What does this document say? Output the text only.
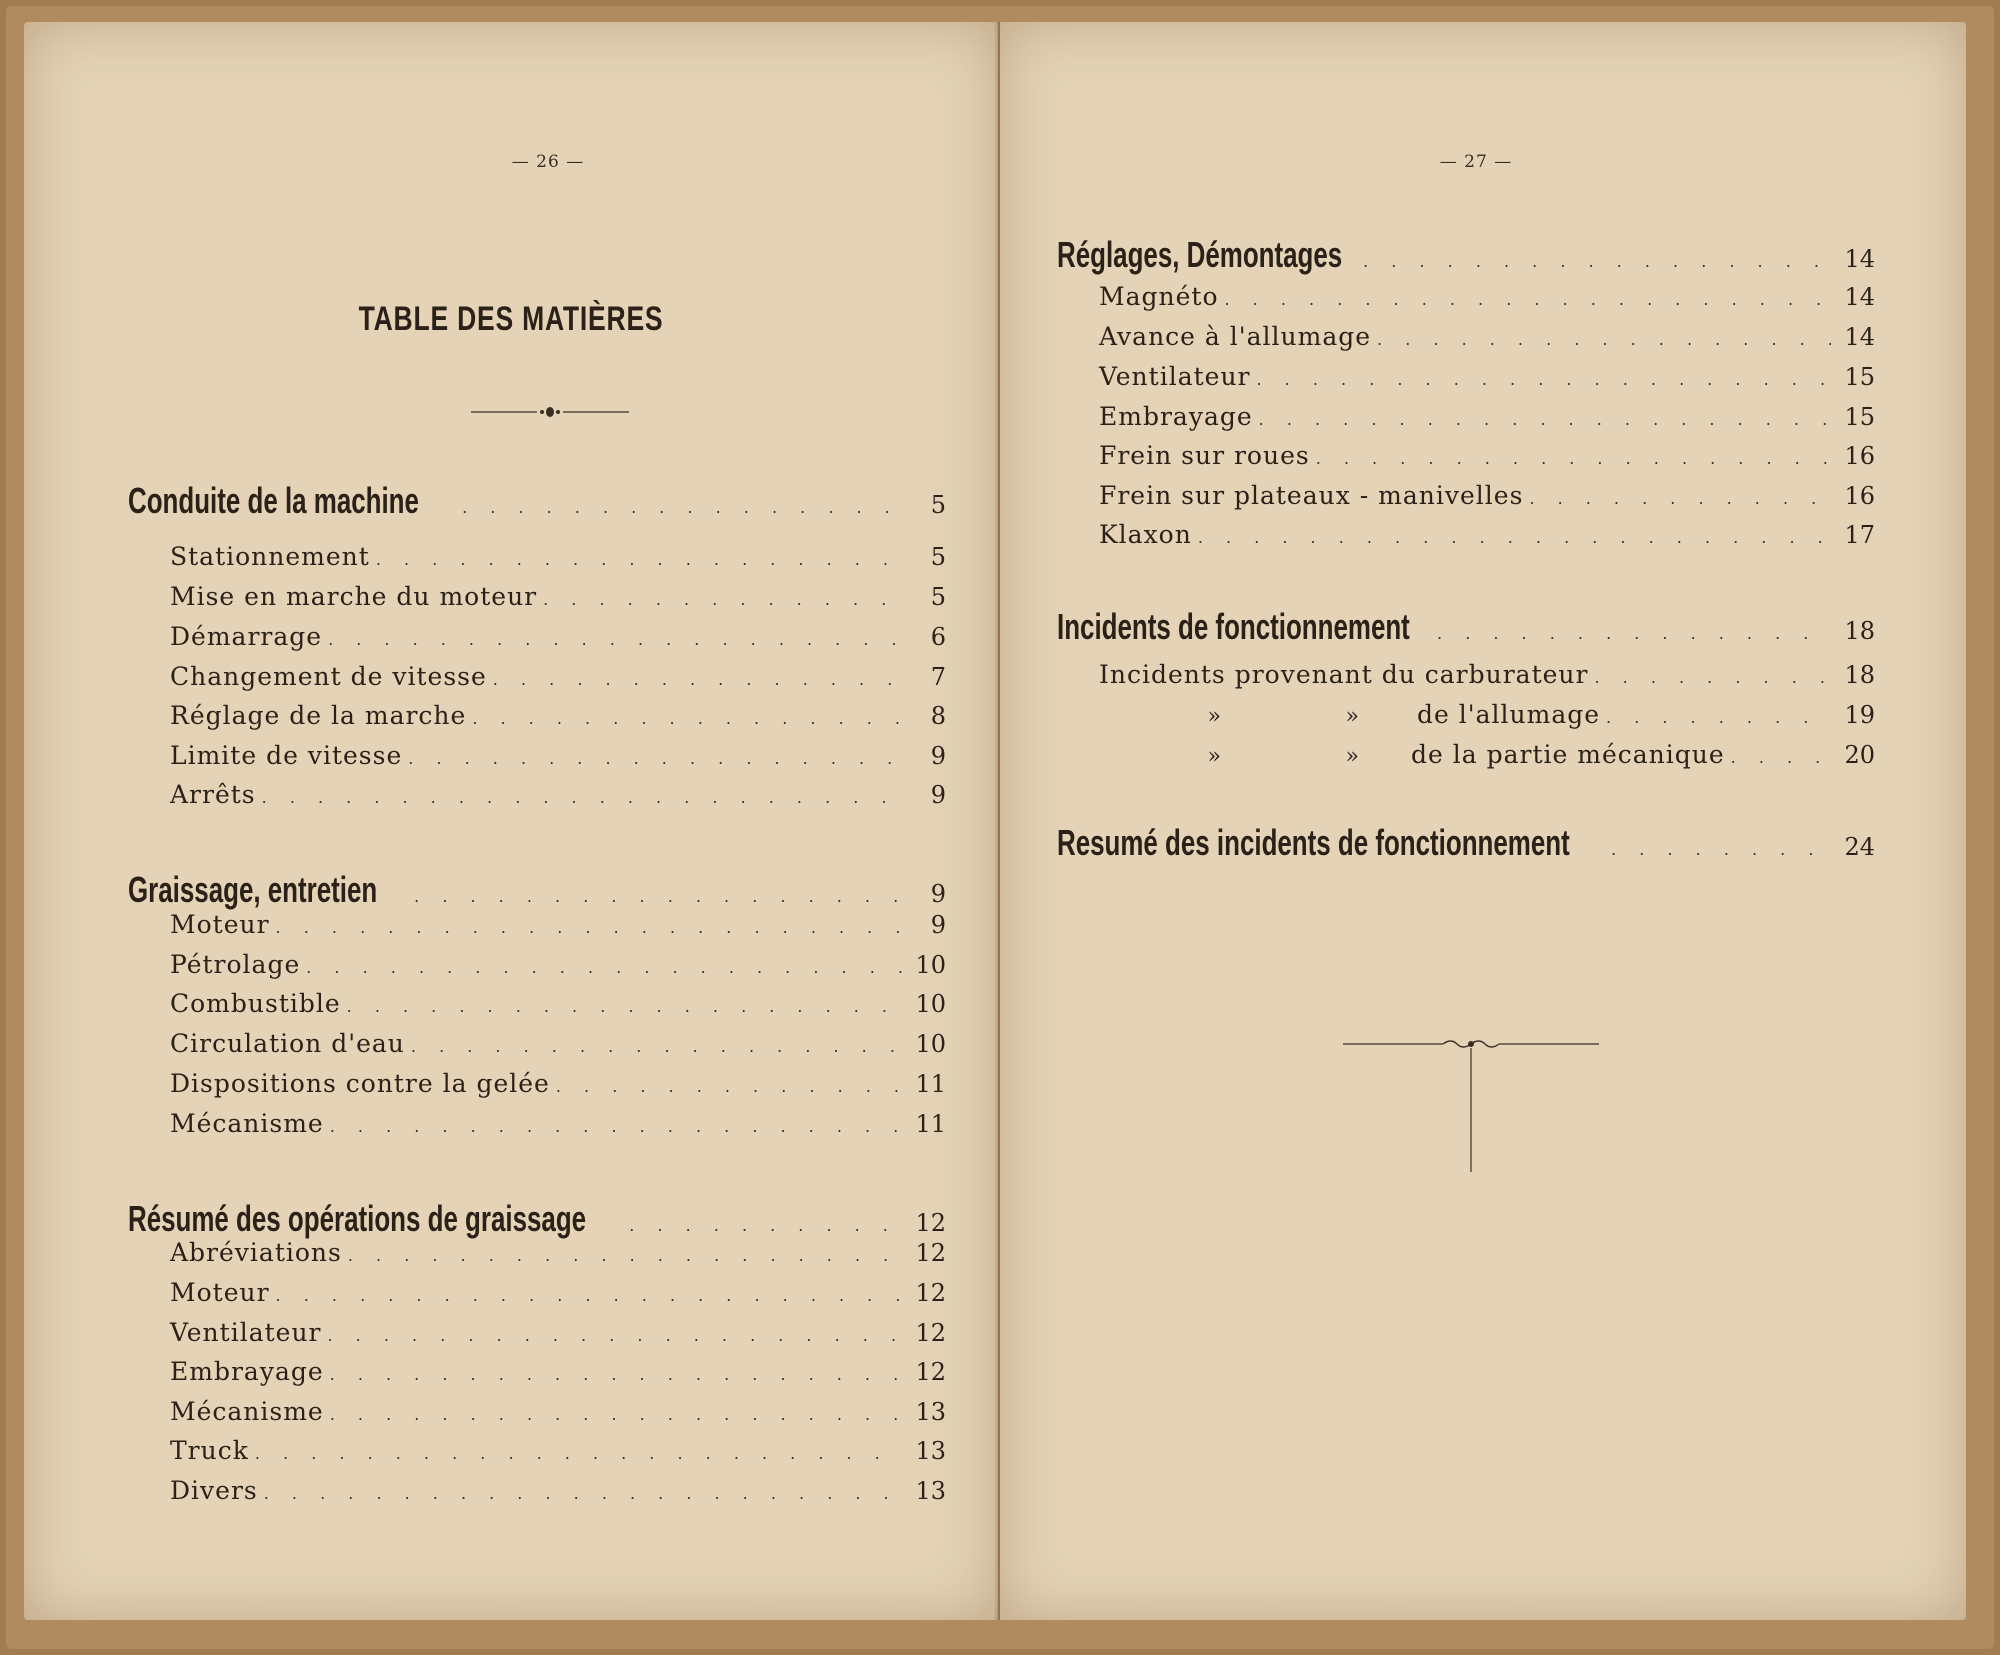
— 26 —
TABLE DES MATIÈRES
Conduite de la machine . . .	5
Stationnement . . .	5
Mise en marche du moteur . . .	5
Démarrage . . .	6
Changement de vitesse . . .	7
Réglage de la marche . . .	8
Limite de vitesse . . .	9
Arrêts . . .	9
Graissage, entretien . . .	9
Moteur . . .	9
Pétrolage . . .	10
Combustible . . .	10
Circulation d'eau . . .	10
Dispositions contre la gelée . . .	11
Mécanisme . . .	11
Résumé des opérations de graissage . . .	12
Abréviations . . .	12
Moteur . . .	12
Ventilateur . . .	12
Embrayage . . .	12
Mécanisme . . .	13
Truck . . .	13
Divers . . .	13
— 27 —
Réglages, Démontages . . .	14
Magnéto . . .	14
Avance à l'allumage . . .	14
Ventilateur . . .	15
Embrayage . . .	15
Frein sur roues . . .	16
Frein sur plateaux - manivelles . . .	16
Klaxon . . .	17
Incidents de fonctionnement . . .	18
Incidents provenant du carburateur . . .	18
»	» de l'allumage . . .	19
»	» de la partie mécanique . . .	20
Resumé des incidents de fonctionnement . . .	24
